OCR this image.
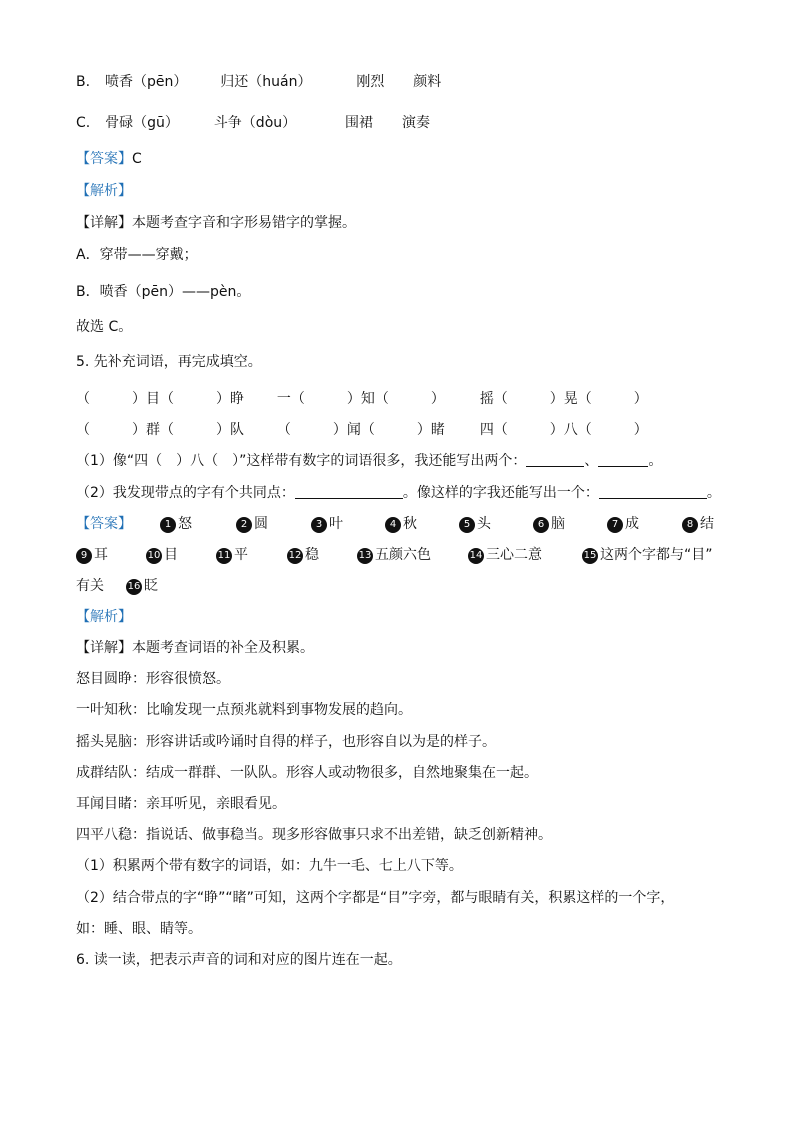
B. 喷香（pēn） 归还（huán）	刚烈 颜料
C. 骨碌（gū） 斗争（dòu）	围裙 演奏
【答案】C
【解析】
【详解】本题考查字音和字形易错字的掌握。
A．穿带——穿戴；
B．喷香（pēn）——pèn。
故选 C。
5. 先补充词语，再完成填空。
（　　　）目（　　　）睁 一（　　　）知（　　　） 摇（　　　）晃（　　　）
（　　　）群（　　　）队 （　　　）闻（　　　）睹 四（　　　）八（　　　）
（1）像“四（　）八（　）”这样带有数字的词语很多，我还能写出两个：	、	。
（2）我发现带点的字有个共同点：	。像这样的字我还能写出一个：	。
【答案】	1 怒	2 圆	3 叶	4 秋	5 头	6 脑	7 成	8 结
9 耳	10 目	11 平	12 稳	13 五颜六色	14 三心二意	15 这两个字都与“目”
有关 16 眨
【解析】
【详解】本题考查词语的补全及积累。
怒目圆睁：形容很愤怒。
一叶知秋：比喻发现一点预兆就料到事物发展的趋向。
摇头晃脑：形容讲话或吟诵时自得的样子，也形容自以为是的样子。
成群结队：结成一群群、一队队。形容人或动物很多，自然地聚集在一起。
耳闻目睹：亲耳听见，亲眼看见。
四平八稳：指说话、做事稳当。现多形容做事只求不出差错，缺乏创新精神。
（1）积累两个带有数字的词语，如：九牛一毛、七上八下等。
（2）结合带点的字“睁”“睹”可知，这两个字都是“目”字旁，都与眼睛有关，积累这样的一个字，
如：睡、眼、睛等。
6. 读一读，把表示声音的词和对应的图片连在一起。
